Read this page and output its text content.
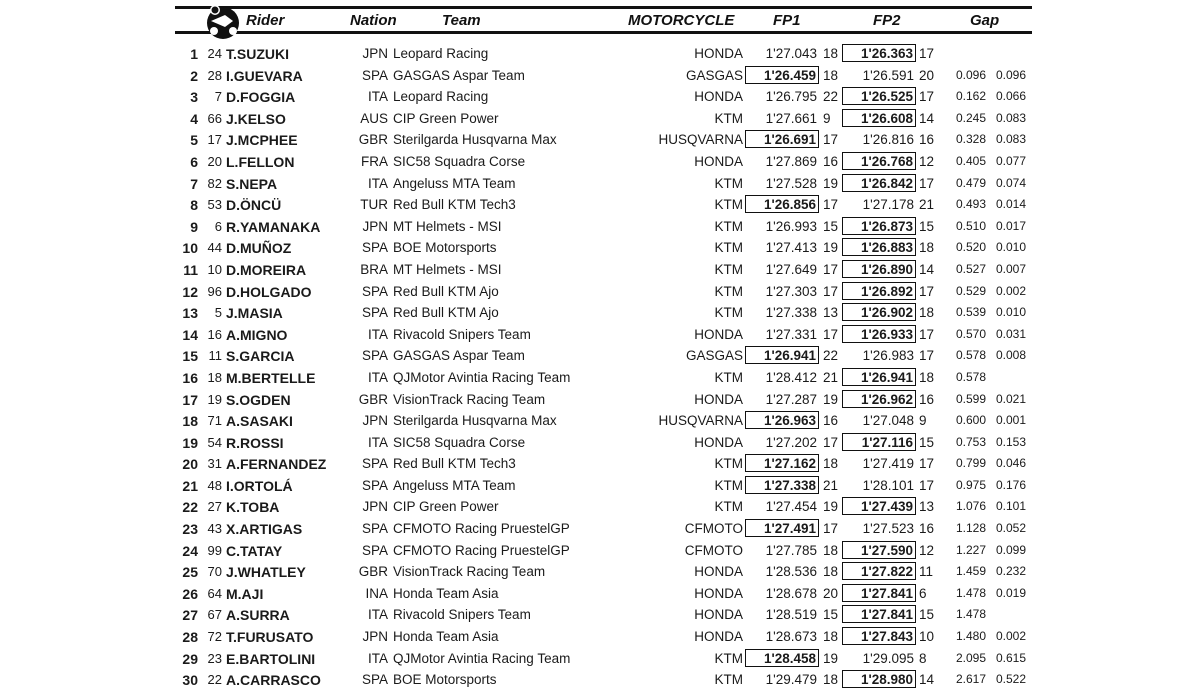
Rider	Nation	Team	MOTORCYCLE	FP1	FP2	Gap
1 24 T.SUZUKI	JPN Leopard Racing	HONDA	1'27.043 18	1'26.363 17
2 28 I.GUEVARA	SPA GASGAS Aspar Team	GASGAS	1'26.459 18	1'26.591 20	0.096 0.096
3	7 D.FOGGIA	ITA Leopard Racing	HONDA	1'26.795 22	1'26.525 17	0.162 0.066
4 66 J.KELSO	AUS CIP Green Power	KTM	1'27.661 9	1'26.608 14	0.245 0.083
5 17 J.MCPHEE	GBR Sterilgarda Husqvarna Max	HUSQVARNA	1'26.691 17	1'26.816 16	0.328 0.083
6 20 L.FELLON	FRA SIC58 Squadra Corse	HONDA	1'27.869 16	1'26.768 12	0.405 0.077
7 82 S.NEPA	ITA Angeluss MTA Team	KTM	1'27.528 19	1'26.842 17	0.479 0.074
8 53 D.ÖNCÜ	TUR Red Bull KTM Tech3	KTM	1'26.856 17	1'27.178 21	0.493 0.014
9	6 R.YAMANAKA	JPN MT Helmets - MSI	KTM	1'26.993 15	1'26.873 15	0.510 0.017
10 44 D.MUÑOZ	SPA BOE Motorsports	KTM	1'27.413 19	1'26.883 18	0.520 0.010
11 10 D.MOREIRA	BRA MT Helmets - MSI	KTM	1'27.649 17	1'26.890 14	0.527 0.007
12 96 D.HOLGADO	SPA Red Bull KTM Ajo	KTM	1'27.303 17	1'26.892 17	0.529 0.002
13	5 J.MASIA	SPA Red Bull KTM Ajo	KTM	1'27.338 13	1'26.902 18	0.539 0.010
14 16 A.MIGNO	ITA Rivacold Snipers Team	HONDA	1'27.331 17	1'26.933 17	0.570 0.031
15 11 S.GARCIA	SPA GASGAS Aspar Team	GASGAS	1'26.941 22	1'26.983 17	0.578 0.008
16 18 M.BERTELLE	ITA QJMotor Avintia Racing Team	KTM	1'28.412 21	1'26.941 18	0.578
17 19 S.OGDEN	GBR VisionTrack Racing Team	HONDA	1'27.287 19	1'26.962 16	0.599 0.021
18 71 A.SASAKI	JPN Sterilgarda Husqvarna Max	HUSQVARNA	1'26.963 16	1'27.048 9	0.600 0.001
19 54 R.ROSSI	ITA SIC58 Squadra Corse	HONDA	1'27.202 17	1'27.116 15	0.753 0.153
20 31 A.FERNANDEZ	SPA Red Bull KTM Tech3	KTM	1'27.162 18	1'27.419 17	0.799 0.046
21 48 I.ORTOLÁ	SPA Angeluss MTA Team	KTM	1'27.338 21	1'28.101 17	0.975 0.176
22 27 K.TOBA	JPN CIP Green Power	KTM	1'27.454 19	1'27.439 13	1.076 0.101
23 43 X.ARTIGAS	SPA CFMOTO Racing PruestelGP	CFMOTO	1'27.491 17	1'27.523 16	1.128 0.052
24 99 C.TATAY	SPA CFMOTO Racing PruestelGP	CFMOTO	1'27.785 18	1'27.590 12	1.227 0.099
25 70 J.WHATLEY	GBR VisionTrack Racing Team	HONDA	1'28.536 18	1'27.822 11	1.459 0.232
26 64 M.AJI	INA Honda Team Asia	HONDA	1'28.678 20	1'27.841 6	1.478 0.019
27 67 A.SURRA	ITA Rivacold Snipers Team	HONDA	1'28.519 15	1'27.841 15	1.478
28 72 T.FURUSATO	JPN Honda Team Asia	HONDA	1'28.673 18	1'27.843 10	1.480 0.002
29 23 E.BARTOLINI	ITA QJMotor Avintia Racing Team	KTM	1'28.458 19	1'29.095 8	2.095 0.615
30 22 A.CARRASCO	SPA BOE Motorsports	KTM	1'29.479 18	1'28.980 14	2.617 0.522
